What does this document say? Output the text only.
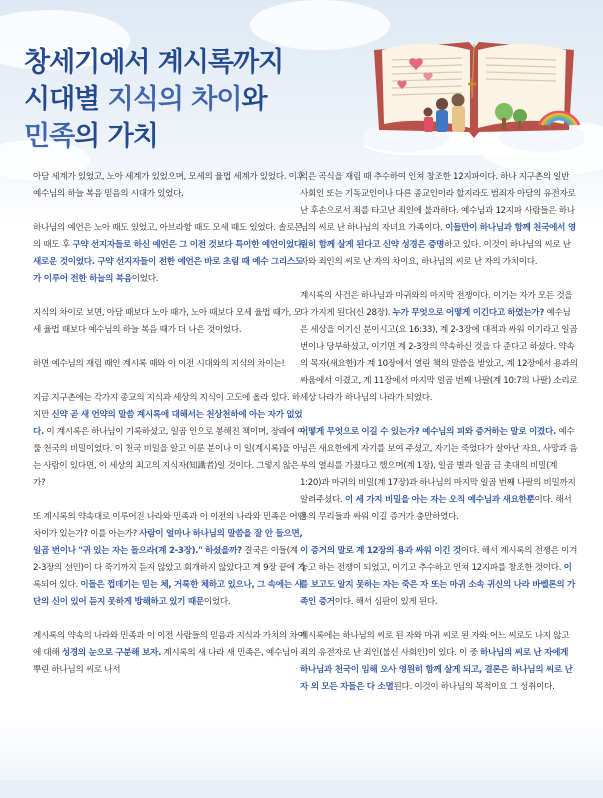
창세기에서 계시록까지
시대별 지식의 차이와
민족의 가치

아담 세계가 있었고, 노아 세계가 있었으며, 모세의 율법 세계가 있었다. 이후 예수님의 하늘 복음 믿음의 시대가 있었다.

하나님의 예언은 노아 때도 있었고, 아브라함 때도 모세 때도 있었다. 솔로몬의 때도 후 구약 선지자들로 하신 예언은 그 이전 것보다 특이한 예언이었다. 새로운 것이었다. 구약 선지자들이 전한 예언은 바로 초림 때 예수 그리스도가 이루어 전한 하늘의 복음이었다.

지식의 차이로 보면, 아담 때보다 노아 때가, 노아 때보다 모세 율법 때가, 모세 율법 때보다 예수님의 하늘 복음 때가 더 나은 것이었다.

하면 예수님의 재림 때인 계시록 때와 이 이전 시대와의 지식의 차이는!

지금 지구촌에는 각가지 종교의 지식과 세상의 지식이 고도에 올라 있다. 하지만 신약 곧 새 언약의 말씀 계시록에 대해서는 천상천하에 아는 자가 없었다. 이 계시록은 하나님이 기록하셨고, 일곱 인으로 봉해진 책이며, 장래에 이룰 천국의 비밀이었다. 이 천국 비밀을 알고 이룬 분이나 이 일(계시록)을 아는 사람이 있다면, 이 세상의 최고의 지식자(知識者)일 것이다. 그렇지 않은가?

또 계시록의 약속대로 이루어진 나라와 민족과 이 이전의 나라와 민족은 어떤 차이가 있는가? 이를 아는가? 사람이 얼마나 하나님의 말씀을 잘 안 들으면, 일곱 번이나 "귀 있는 자는 들으라(계 2-3장)." 하셨을까? 결국은 이들(계 2-3장의 선민)이 다 죽기까지 듣지 않았고 회개하지 않았다고 계 9장 끝에 기록되어 있다. 이들은 껍데기는 믿는 체, 거룩한 체하고 있으나, 그 속에는 사단의 신이 있어 듣지 못하게 방해하고 있기 때문이었다.

계시록의 약속의 나라와 민족과 이 이전 사람들의 믿음과 지식과 가치의 차이에 대해 성경의 눈으로 구분해 보자. 계시록의 새 나라 새 민족은, 예수님이 뿌린 하나님의 씨로 나서

익은 곡식을 재림 때 추수하여 인쳐 창조한 12지파이다. 하나 지구촌의 일반 사회인 또는 기독교인이나 다른 종교인이라 할지라도 범죄자 아담의 유전자로 난 후손으로서 죄를 타고난 죄인에 불과하다. 예수님과 12지파 사람들은 하나님의 씨로 난 하나님의 자녀요 가족이다. 이들만이 하나님과 함께 천국에서 영원히 함께 살게 된다고 신약 성경은 증명하고 있다. 이것이 하나님의 씨로 난 자와 죄인의 씨로 난 자의 차이요, 하나님의 씨로 난 자의 가치이다.

계시록의 사건은 하나님과 마귀와의 마지막 전쟁이다. 이기는 자가 모든 것을 다 가지게 된다(신 28장). 누가 무엇으로 어떻게 이긴다고 하였는가? 예수님은 세상을 이기신 분이시고(요 16:33), 계 2-3장에 대적과 싸워 이기라고 일곱 번이나 당부하셨고, 이기면 계 2-3장의 약속하신 것을 다 준다고 하셨다. 약속의 목자(새요한)가 계 10장에서 열린 책의 말씀을 받았고, 계 12장에서 용과의 싸움에서 이겼고, 계 11장에서 마지막 일곱 번째 나팔(계 10:7의 나팔) 소리로 세상 나라가 하나님의 나라가 되었다.

어떻게 무엇으로 이길 수 있는가? 예수님의 피와 증거하는 말로 이겼다. 예수님은 새요한에게 자기를 보여 주셨고, 자기는 죽었다가 살아난 자요, 사망과 음부의 열쇠를 가졌다고 했으며(계 1장), 일곱 별과 일곱 금 촛대의 비밀(계 1:20)과 마귀의 비밀(계 17장)과 하나님의 마지막 일곱 번째 나팔의 비밀까지 알려주셨다. 이 세 가지 비밀을 아는 자는 오직 예수님과 새요한뿐이다. 해서 용의 무리들과 싸워 이길 증거가 충만하였다.

이 증거의 말로 계 12장의 용과 싸워 이긴 것이다. 해서 계시록의 전쟁은 이겨 놓고 하는 전쟁이 되었고, 이기고 추수하고 인쳐 12지파를 창조한 것이다. 이를 보고도 알지 못하는 자는 죽은 자 또는 마귀 소속 귀신의 나라 바벨론의 가족인 증거이다. 해서 심판이 있게 된다.

계시록에는 하나님의 씨로 된 자와 마귀 씨로 된 자와 어느 씨로도 나지 않고 죄의 유전자로 난 죄인(불신 사회인)이 있다. 이 중 하나님의 씨로 난 자에게 하나님과 천국이 임해 오사 영원히 함께 살게 되고, 결론은 하나님의 씨로 난 자 외 모든 자들은 다 소멸된다. 이것이 하나님의 목적이요 그 성취이다.
